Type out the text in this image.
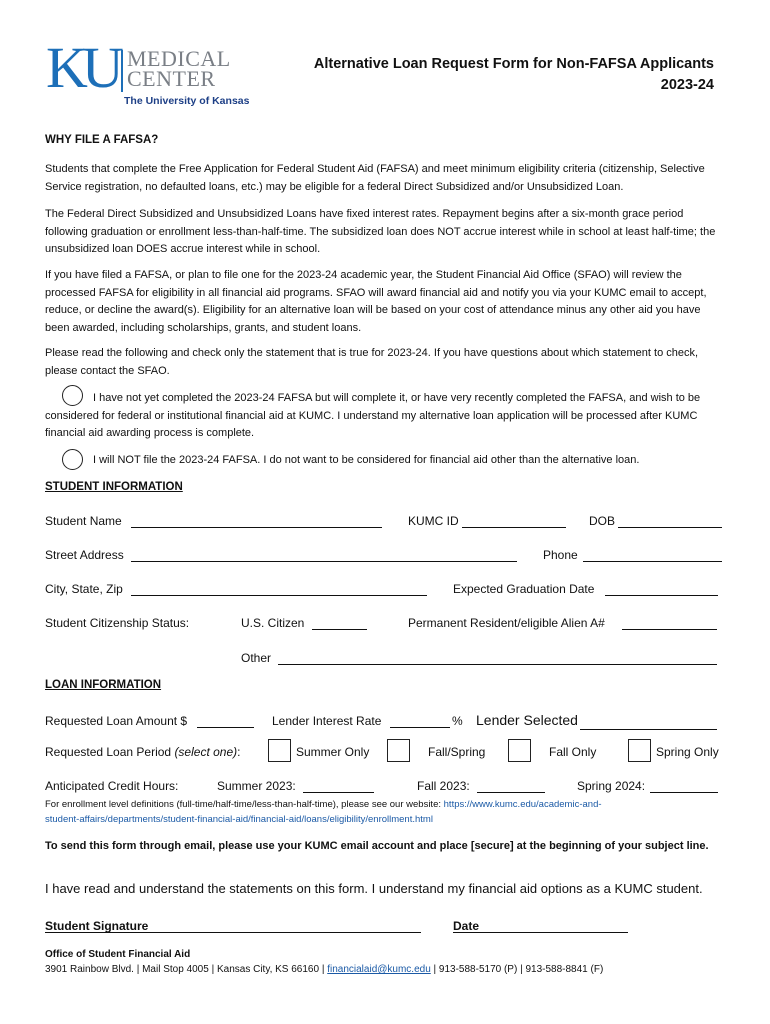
KU MEDICAL
CENTER
The University of Kansas
Alternative Loan Request Form for Non-FAFSA Applicants
2023-24
WHY FILE A FAFSA?
Students that complete the Free Application for Federal Student Aid (FAFSA) and meet minimum eligibility criteria (citizenship, Selective Service registration, no defaulted loans, etc.) may be eligible for a federal Direct Subsidized and/or Unsubsidized Loan.
The Federal Direct Subsidized and Unsubsidized Loans have fixed interest rates. Repayment begins after a six-month grace period following graduation or enrollment less-than-half-time. The subsidized loan does NOT accrue interest while in school at least half-time; the unsubsidized loan DOES accrue interest while in school.
If you have filed a FAFSA, or plan to file one for the 2023-24 academic year, the Student Financial Aid Office (SFAO) will review the processed FAFSA for eligibility in all financial aid programs. SFAO will award financial aid and notify you via your KUMC email to accept, reduce, or decline the award(s). Eligibility for an alternative loan will be based on your cost of attendance minus any other aid you have been awarded, including scholarships, grants, and student loans.
Please read the following and check only the statement that is true for 2023-24. If you have questions about which statement to check, please contact the SFAO.
I have not yet completed the 2023-24 FAFSA but will complete it, or have very recently completed the FAFSA, and wish to be considered for federal or institutional financial aid at KUMC. I understand my alternative loan application will be processed after KUMC financial aid awarding process is complete.
I will NOT file the 2023-24 FAFSA. I do not want to be considered for financial aid other than the alternative loan.
STUDENT INFORMATION
Student Name	KUMC ID	DOB
Street Address	Phone
City, State, Zip	Expected Graduation Date
Student Citizenship Status:	U.S. Citizen	Permanent Resident/eligible Alien A#
Other
LOAN INFORMATION
Requested Loan Amount $	Lender Interest Rate	% Lender Selected
Requested Loan Period (select one):	Summer Only	Fall/Spring	Fall Only	Spring Only
Anticipated Credit Hours:	Summer 2023:	Fall 2023:	Spring 2024:
For enrollment level definitions (full-time/half-time/less-than-half-time), please see our website: https://www.kumc.edu/academic-and-
student-affairs/departments/student-financial-aid/financial-aid/loans/eligibility/enrollment.html
To send this form through email, please use your KUMC email account and place [secure] at the beginning of your subject line.
I have read and understand the statements on this form. I understand my financial aid options as a KUMC student.
Student Signature	Date
Office of Student Financial Aid
3901 Rainbow Blvd. | Mail Stop 4005 | Kansas City, KS 66160 | financialaid@kumc.edu | 913-588-5170 (P) | 913-588-8841 (F)
